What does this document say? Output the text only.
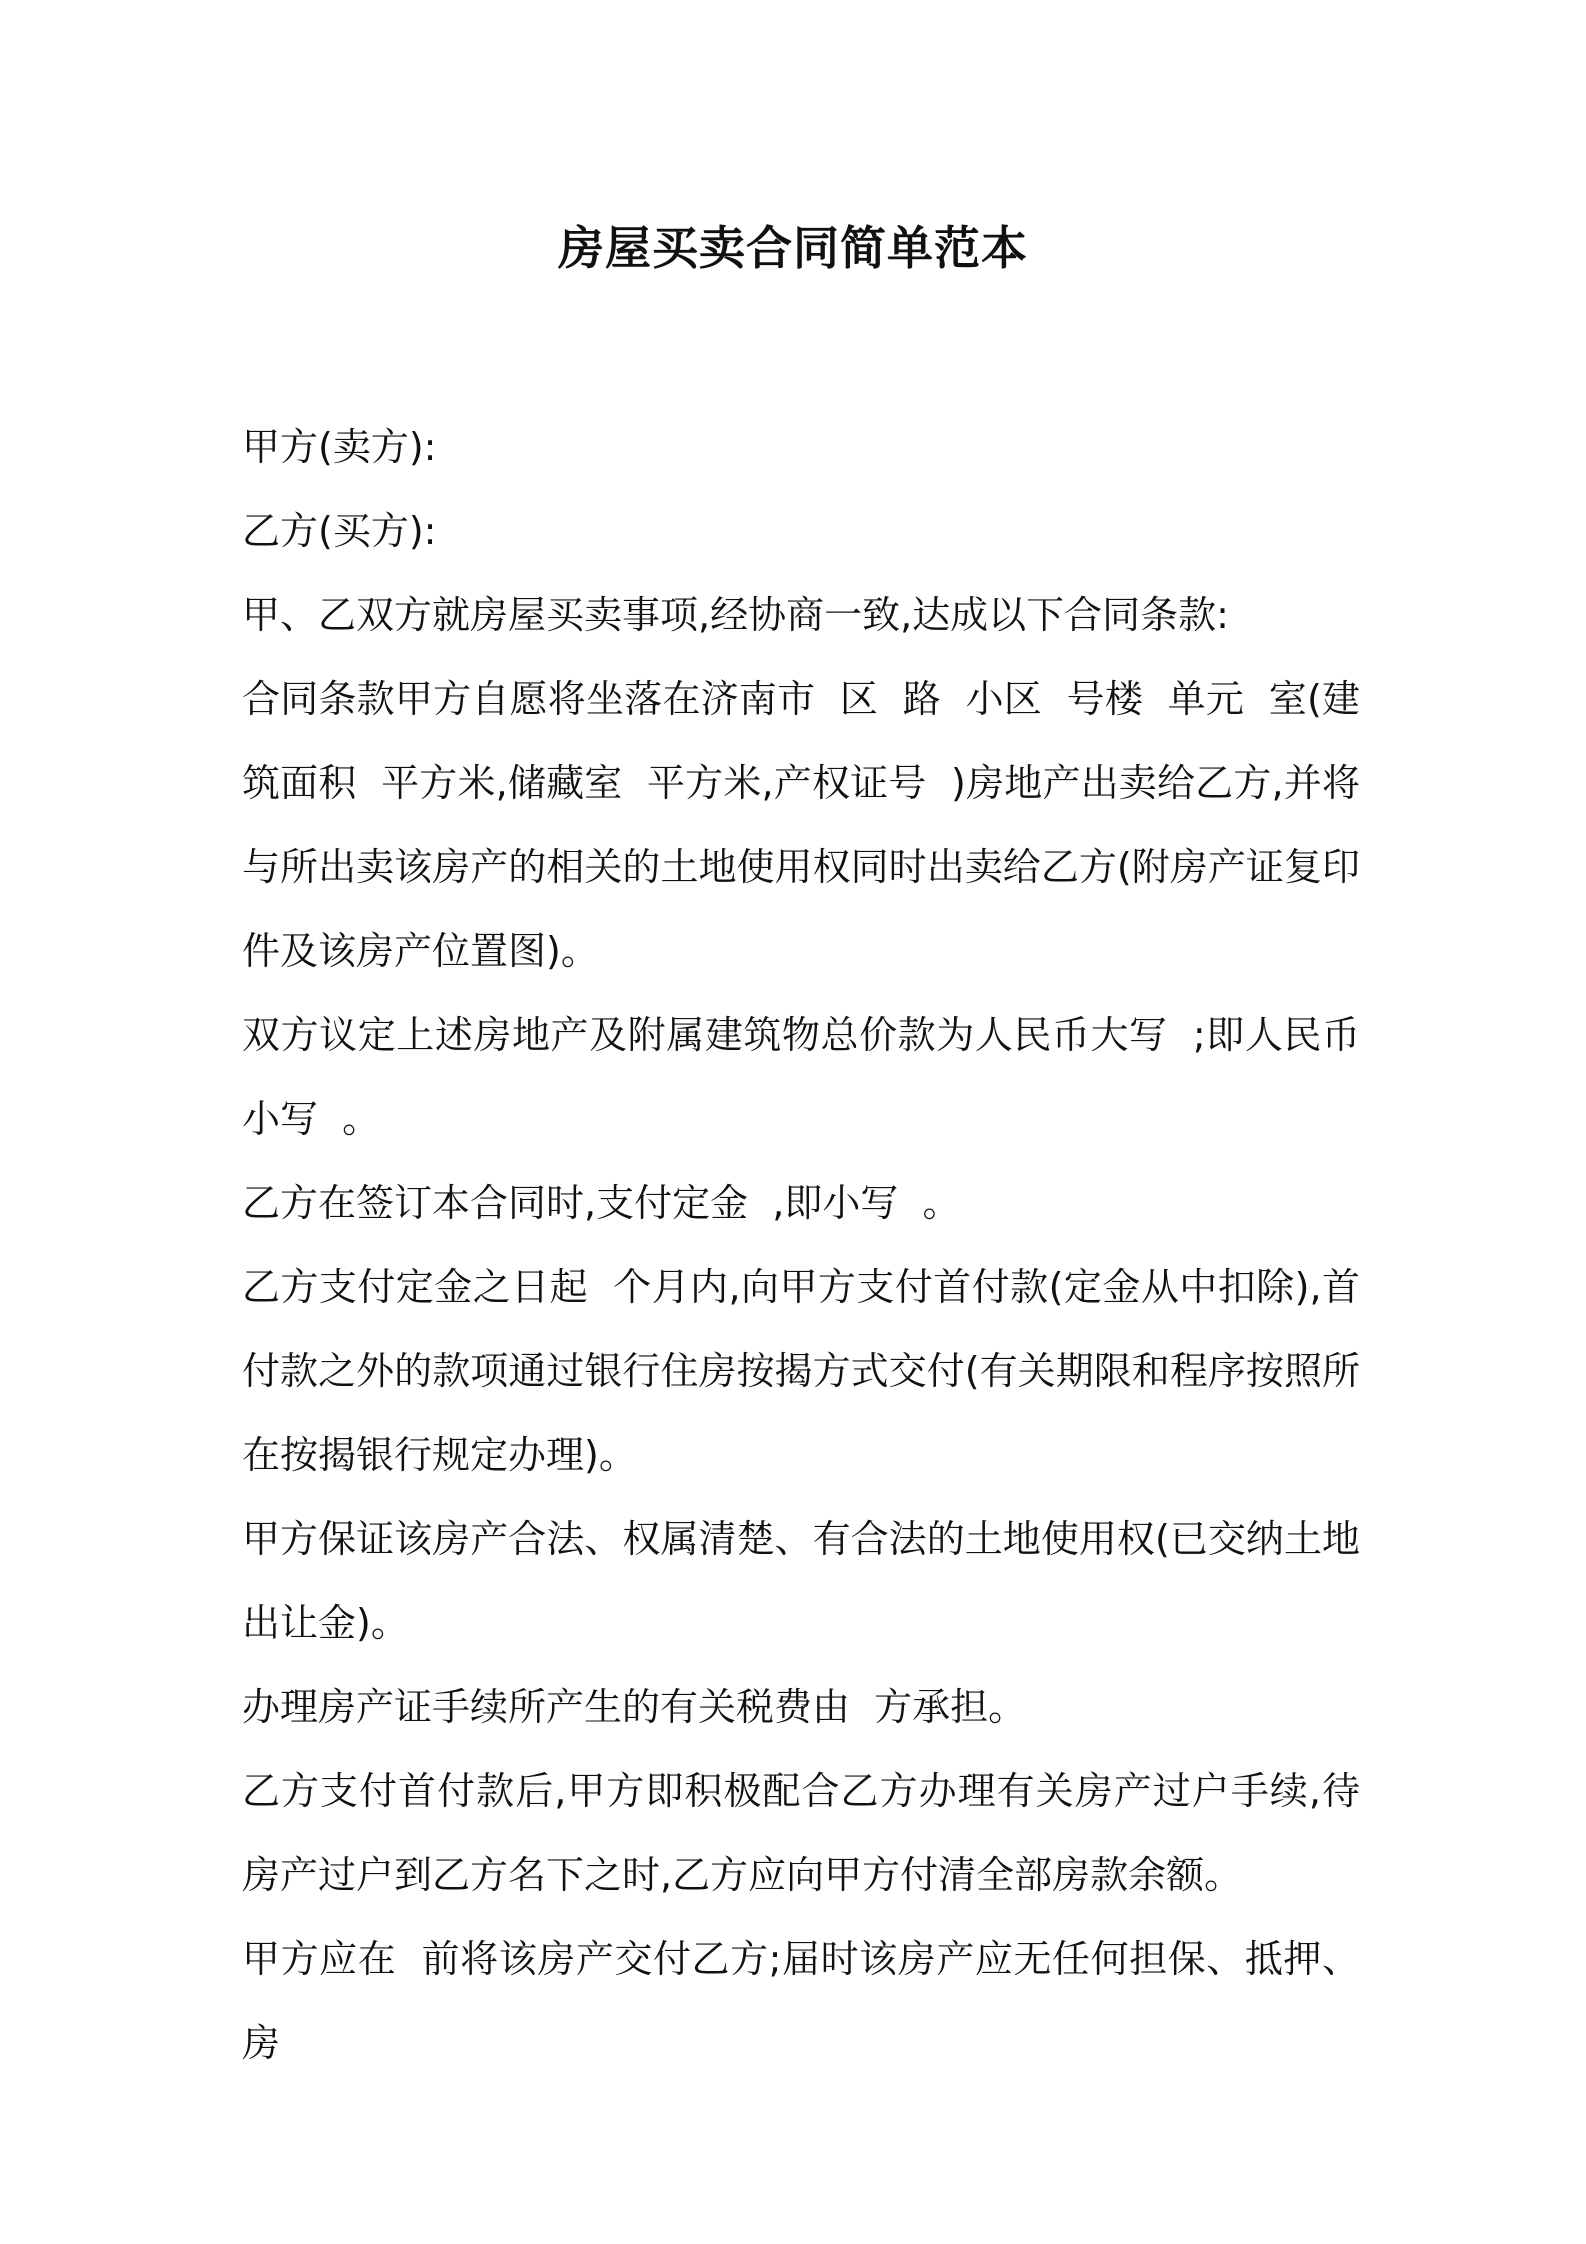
房屋买卖合同简单范本

甲方(卖方):

乙方(买方):

甲、乙双方就房屋买卖事项,经协商一致,达成以下合同条款:

合同条款甲方自愿将坐落在济南市  区  路  小区  号楼  单元  室(建筑面积  平方米,储藏室  平方米,产权证号  )房地产出卖给乙方,并将与所出卖该房产的相关的土地使用权同时出卖给乙方(附房产证复印件及该房产位置图)。

双方议定上述房地产及附属建筑物总价款为人民币大写  ;即人民币小写  。

乙方在签订本合同时,支付定金  ,即小写  。

乙方支付定金之日起  个月内,向甲方支付首付款(定金从中扣除),首付款之外的款项通过银行住房按揭方式交付(有关期限和程序按照所在按揭银行规定办理)。

甲方保证该房产合法、权属清楚、有合法的土地使用权(已交纳土地出让金)。

办理房产证手续所产生的有关税费由  方承担。

乙方支付首付款后,甲方即积极配合乙方办理有关房产过户手续,待房产过户到乙方名下之时,乙方应向甲方付清全部房款余额。

甲方应在  前将该房产交付乙方;届时该房产应无任何担保、抵押、房
